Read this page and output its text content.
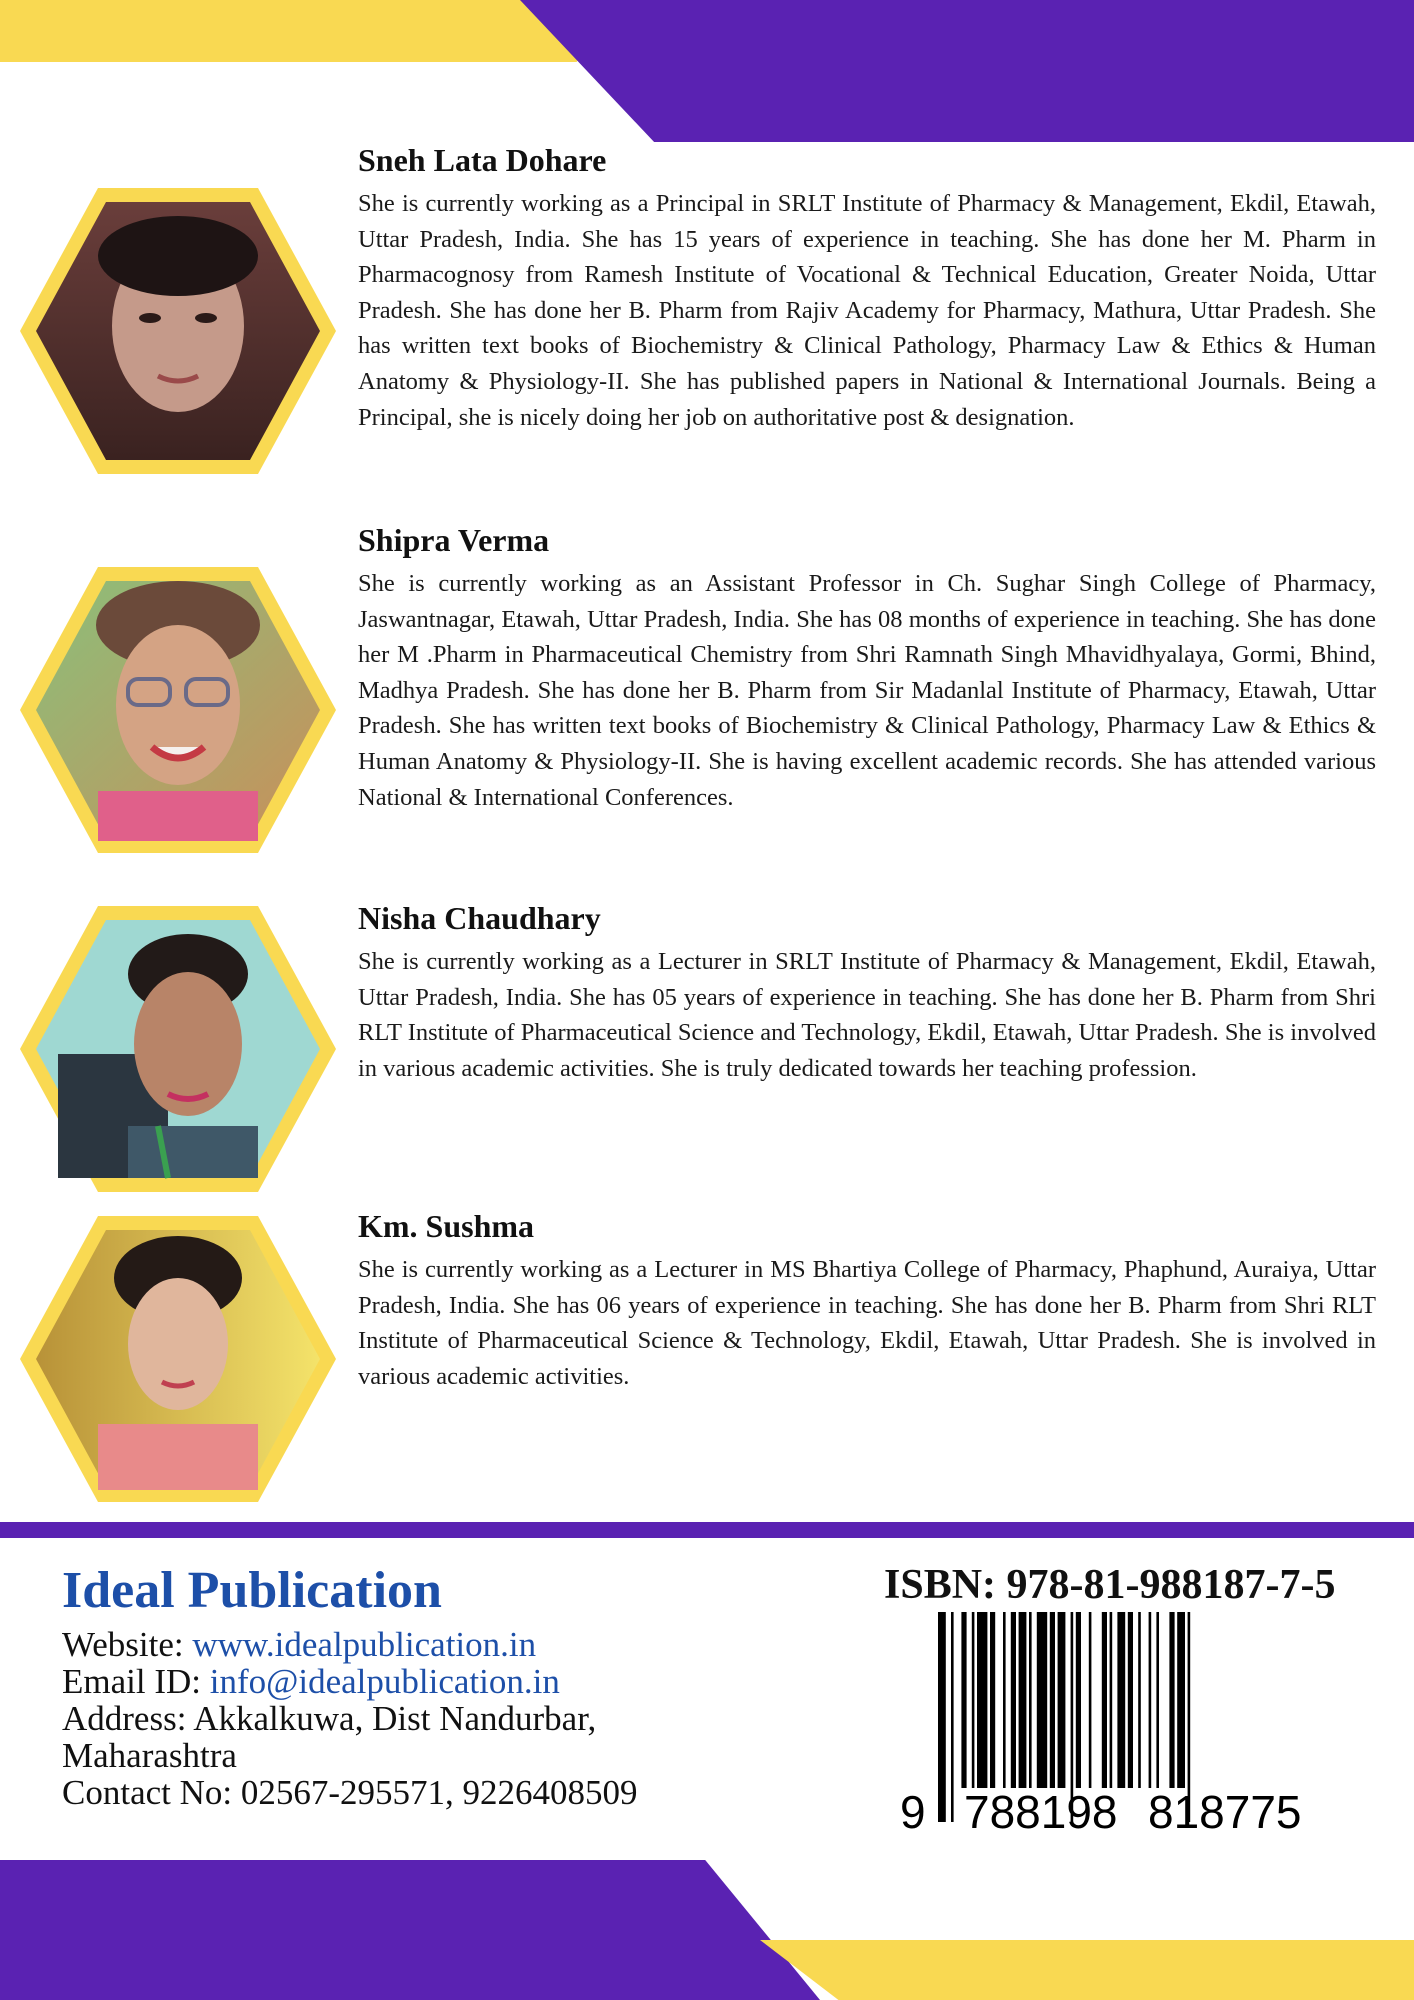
Sneh Lata Dohare

She is currently working as a Principal in SRLT Institute of Pharmacy & Management, Ekdil, Etawah, Uttar Pradesh, India. She has 15 years of experience in teaching. She has done her M. Pharm in Pharmacognosy from Ramesh Institute of Vocational & Technical Education, Greater Noida, Uttar Pradesh. She has done her B. Pharm from Rajiv Academy for Pharmacy, Mathura, Uttar Pradesh. She has written text books of Biochemistry & Clinical Pathology, Pharmacy Law & Ethics & Human Anatomy & Physiology-II. She has published papers in National & International Journals. Being a Principal, she is nicely doing her job on authoritative post & designation.

Shipra Verma

She is currently working as an Assistant Professor in Ch. Sughar Singh College of Pharmacy, Jaswantnagar, Etawah, Uttar Pradesh, India. She has 08 months of experience in teaching. She has done her M .Pharm in Pharmaceutical Chemistry from Shri Ramnath Singh Mhavidhyalaya, Gormi, Bhind, Madhya Pradesh. She has done her B. Pharm from Sir Madanlal Institute of Pharmacy, Etawah, Uttar Pradesh. She has written text books of Biochemistry & Clinical Pathology, Pharmacy Law & Ethics & Human Anatomy & Physiology-II. She is having excellent academic records. She has attended various National & International Conferences.

Nisha Chaudhary

She is currently working as a Lecturer in SRLT Institute of Pharmacy & Management, Ekdil, Etawah, Uttar Pradesh, India. She has 05 years of experience in teaching. She has done her B. Pharm from Shri RLT Institute of Pharmaceutical Science and Technology, Ekdil, Etawah, Uttar Pradesh. She is involved in various academic activities. She is truly dedicated towards her teaching profession.

Km. Sushma

She is currently working as a Lecturer in MS Bhartiya College of Pharmacy, Phaphund, Auraiya, Uttar Pradesh, India. She has 06 years of experience in teaching. She has done her B. Pharm from Shri RLT Institute of Pharmaceutical Science & Technology, Ekdil, Etawah, Uttar Pradesh. She is involved in various academic activities.

Ideal Publication
Website: www.idealpublication.in
Email ID: info@idealpublication.in
Address: Akkalkuwa, Dist Nandurbar,
Maharashtra
Contact No: 02567-295571, 9226408509
ISBN: 978-81-988187-7-5
9 788198 818775
